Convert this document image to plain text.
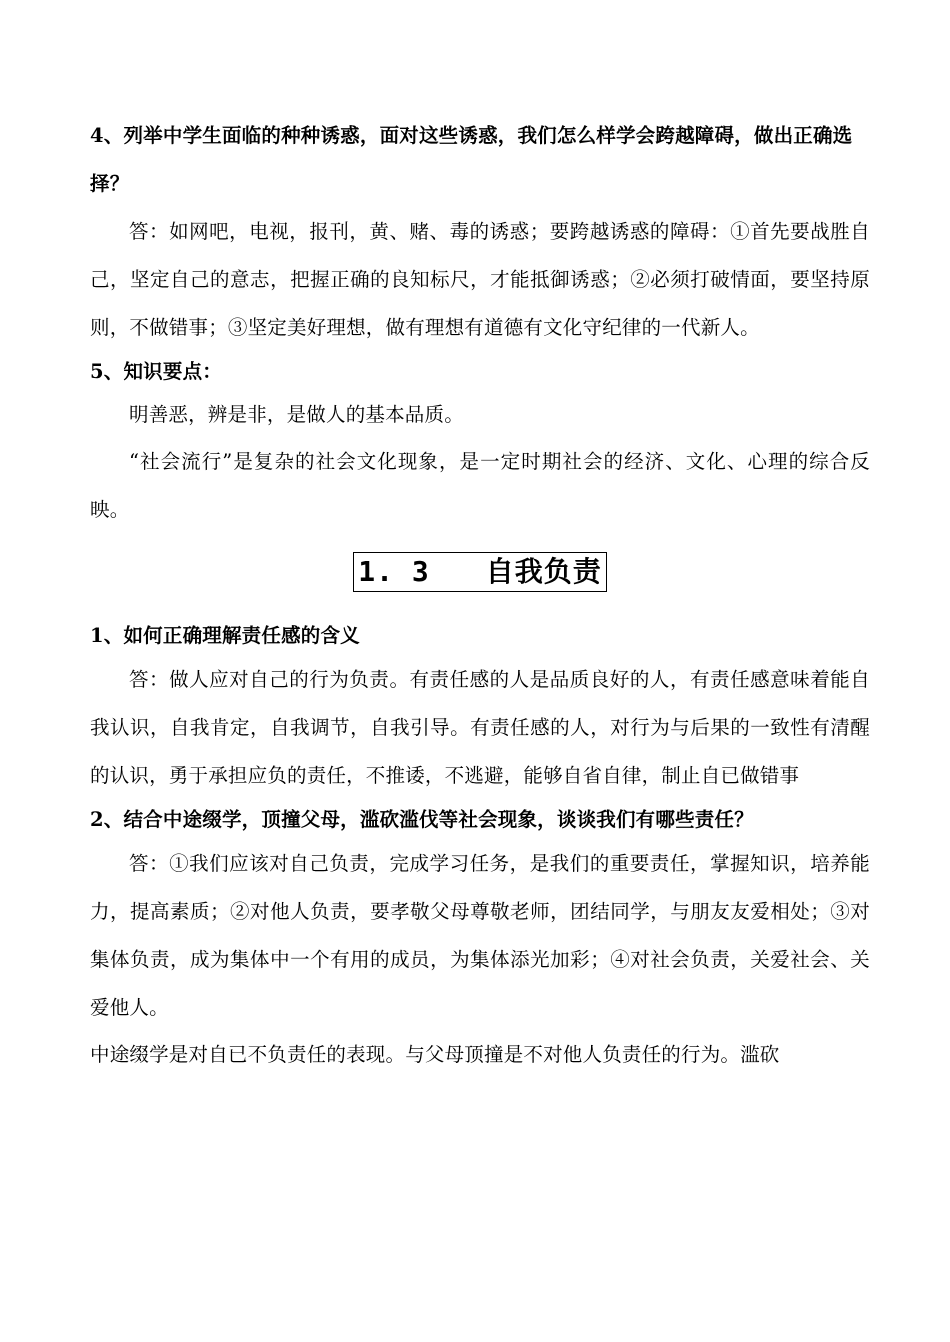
4、列举中学生面临的种种诱惑，面对这些诱惑，我们怎么样学会跨越障碍，做出正确选择？

答：如网吧，电视，报刊，黄、赌、毒的诱惑；要跨越诱惑的障碍：①首先要战胜自己，坚定自己的意志，把握正确的良知标尺，才能抵御诱惑；②必须打破情面，要坚持原则，不做错事；③坚定美好理想，做有理想有道德有文化守纪律的一代新人。

5、知识要点：

明善恶，辨是非，是做人的基本品质。

“社会流行”是复杂的社会文化现象，是一定时期社会的经济、文化、心理的综合反映。

1. 3 自我负责

1、如何正确理解责任感的含义

答：做人应对自己的行为负责。有责任感的人是品质良好的人，有责任感意味着能自我认识，自我肯定，自我调节，自我引导。有责任感的人，对行为与后果的一致性有清醒的认识，勇于承担应负的责任，不推诿，不逃避，能够自省自律，制止自已做错事

2、结合中途缀学，顶撞父母，滥砍滥伐等社会现象，谈谈我们有哪些责任？

答：①我们应该对自己负责，完成学习任务，是我们的重要责任，掌握知识，培养能力，提高素质；②对他人负责，要孝敬父母尊敬老师，团结同学，与朋友友爱相处；③对集体负责，成为集体中一个有用的成员，为集体添光加彩；④对社会负责，关爱社会、关爱他人。

中途缀学是对自已不负责任的表现。与父母顶撞是不对他人负责任的行为。滥砍
